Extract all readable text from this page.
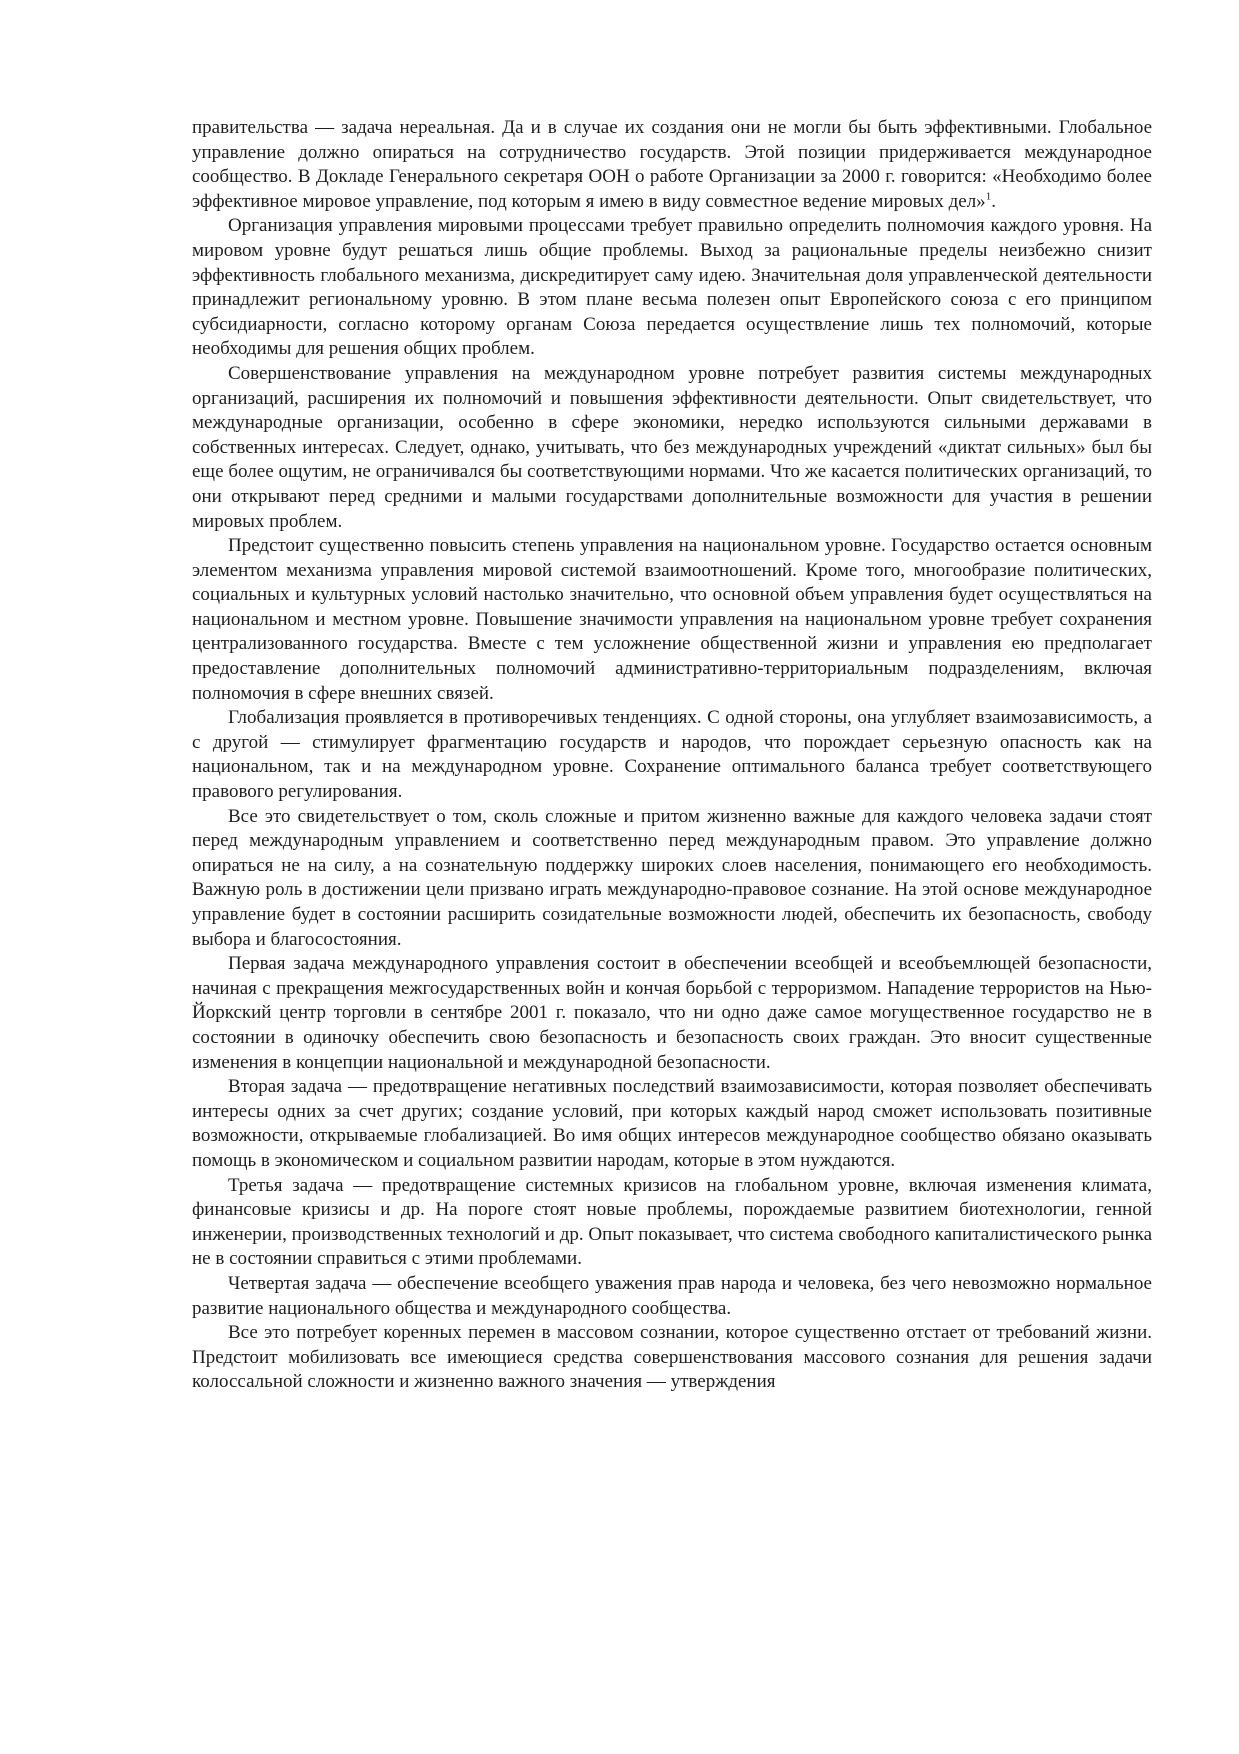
правительства — задача нереальная. Да и в случае их создания они не могли бы быть эффективными. Глобальное управление должно опираться на сотрудничество государств. Этой позиции придерживается международное сообщество. В Докладе Генерального секретаря ООН о работе Организации за 2000 г. говорится: «Необходимо более эффективное мировое управление, под которым я имею в виду совместное ведение мировых дел»$^1$.

Организация управления мировыми процессами требует правильно определить полномочия каждого уровня. На мировом уровне будут решаться лишь общие проблемы. Выход за рациональные пределы неизбежно снизит эффективность глобального механизма, дискредитирует саму идею. Значительная доля управленческой деятельности принадлежит региональному уровню. В этом плане весьма полезен опыт Европейского союза с его принципом субсидиарности, согласно которому органам Союза передается осуществление лишь тех полномочий, которые необходимы для решения общих проблем.

Совершенствование управления на международном уровне потребует развития системы международных организаций, расширения их полномочий и повышения эффективности деятельности. Опыт свидетельствует, что международные организации, особенно в сфере экономики, нередко используются сильными державами в собственных интересах. Следует, однако, учитывать, что без международных учреждений «диктат сильных» был бы еще более ощутим, не ограничивался бы соответствующими нормами. Что же касается политических организаций, то они открывают перед средними и малыми государствами дополнительные возможности для участия в решении мировых проблем.

Предстоит существенно повысить степень управления на национальном уровне. Государство остается основным элементом механизма управления мировой системой взаимоотношений. Кроме того, многообразие политических, социальных и культурных условий настолько значительно, что основной объем управления будет осуществляться на национальном и местном уровне. Повышение значимости управления на национальном уровне требует сохранения централизованного государства. Вместе с тем усложнение общественной жизни и управления ею предполагает предоставление дополнительных полномочий административно-территориальным подразделениям, включая полномочия в сфере внешних связей.

Глобализация проявляется в противоречивых тенденциях. С одной стороны, она углубляет взаимозависимость, а с другой — стимулирует фрагментацию государств и народов, что порождает серьезную опасность как на национальном, так и на международном уровне. Сохранение оптимального баланса требует соответствующего правового регулирования.

Все это свидетельствует о том, сколь сложные и притом жизненно важные для каждого человека задачи стоят перед международным управлением и соответственно перед международным правом. Это управление должно опираться не на силу, а на сознательную поддержку широких слоев населения, понимающего его необходимость. Важную роль в достижении цели призвано играть международно-правовое сознание. На этой основе международное управление будет в состоянии расширить созидательные возможности людей, обеспечить их безопасность, свободу выбора и благосостояния.

Первая задача международного управления состоит в обеспечении всеобщей и всеобъемлющей безопасности, начиная с прекращения межгосударственных войн и кончая борьбой с терроризмом. Нападение террористов на Нью-Йоркский центр торговли в сентябре 2001 г. показало, что ни одно даже самое могущественное государство не в состоянии в одиночку обеспечить свою безопасность и безопасность своих граждан. Это вносит существенные изменения в концепции национальной и международной безопасности.

Вторая задача — предотвращение негативных последствий взаимозависимости, которая позволяет обеспечивать интересы одних за счет других; создание условий, при которых каждый народ сможет использовать позитивные возможности, открываемые глобализацией. Во имя общих интересов международное сообщество обязано оказывать помощь в экономическом и социальном развитии народам, которые в этом нуждаются.

Третья задача — предотвращение системных кризисов на глобальном уровне, включая изменения климата, финансовые кризисы и др. На пороге стоят новые проблемы, порождаемые развитием биотехнологии, генной инженерии, производственных технологий и др. Опыт показывает, что система свободного капиталистического рынка не в состоянии справиться с этими проблемами.

Четвертая задача — обеспечение всеобщего уважения прав народа и человека, без чего невозможно нормальное развитие национального общества и международного сообщества.

Все это потребует коренных перемен в массовом сознании, которое существенно отстает от требований жизни. Предстоит мобилизовать все имеющиеся средства совершенствования массового сознания для решения задачи колоссальной сложности и жизненно важного значения — утверждения
